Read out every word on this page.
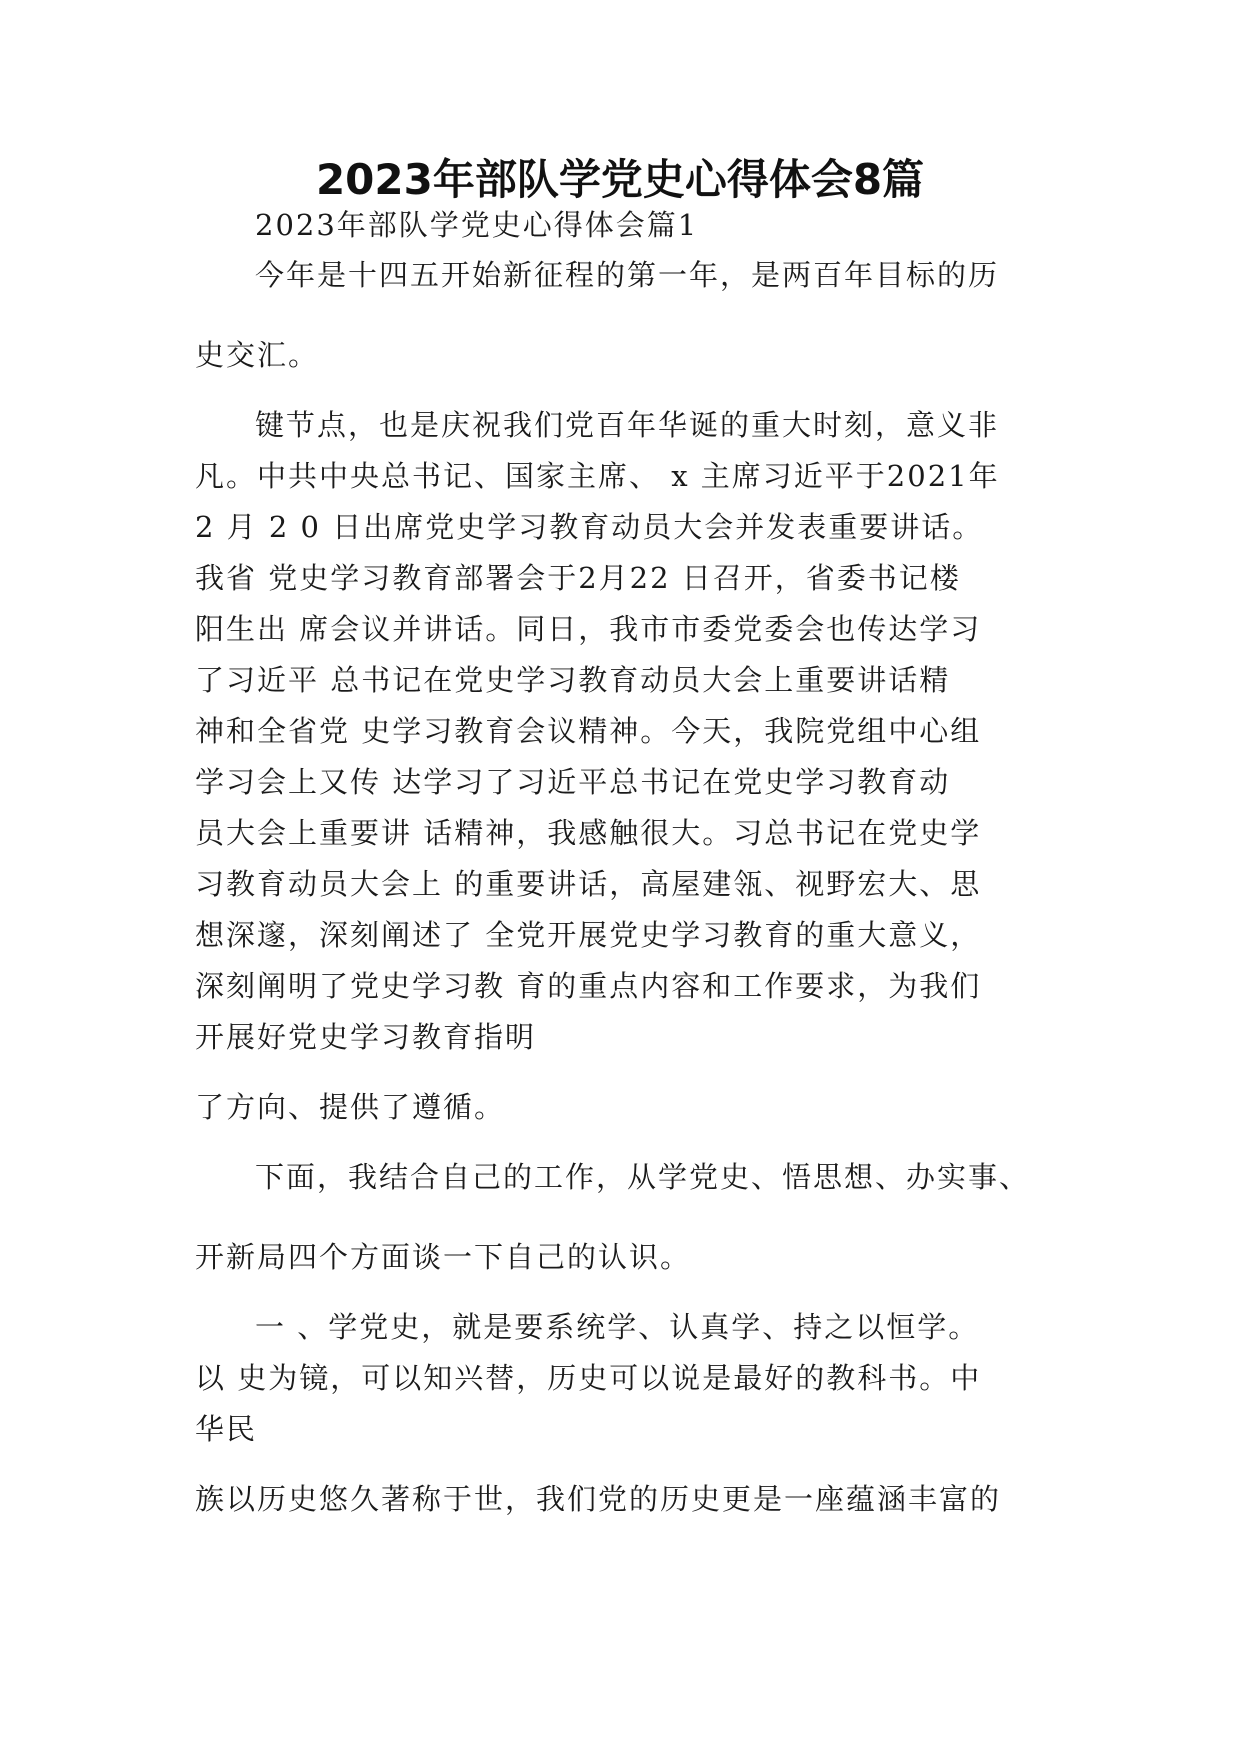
2023年部队学党史心得体会8篇

2023年部队学党史心得体会篇1

今年是十四五开始新征程的第一年，是两百年目标的历

史交汇。

键节点，也是庆祝我们党百年华诞的重大时刻，意义非

凡。中共中央总书记、国家主席、 x 主席习近平于2021年

2 月 2 0 日出席党史学习教育动员大会并发表重要讲话。

我省 党史学习教育部署会于2月22 日召开，省委书记楼

阳生出 席会议并讲话。同日，我市市委党委会也传达学习

了习近平 总书记在党史学习教育动员大会上重要讲话精

神和全省党 史学习教育会议精神。今天，我院党组中心组

学习会上又传 达学习了习近平总书记在党史学习教育动

员大会上重要讲 话精神，我感触很大。习总书记在党史学

习教育动员大会上 的重要讲话，高屋建瓴、视野宏大、思

想深邃，深刻阐述了 全党开展党史学习教育的重大意义，

深刻阐明了党史学习教 育的重点内容和工作要求，为我们

开展好党史学习教育指明

了方向、提供了遵循。

下面，我结合自己的工作，从学党史、悟思想、办实事、

开新局四个方面谈一下自己的认识。

一 、学党史，就是要系统学、认真学、持之以恒学。

以 史为镜，可以知兴替，历史可以说是最好的教科书。中

华民

族以历史悠久著称于世，我们党的历史更是一座蕴涵丰富的
